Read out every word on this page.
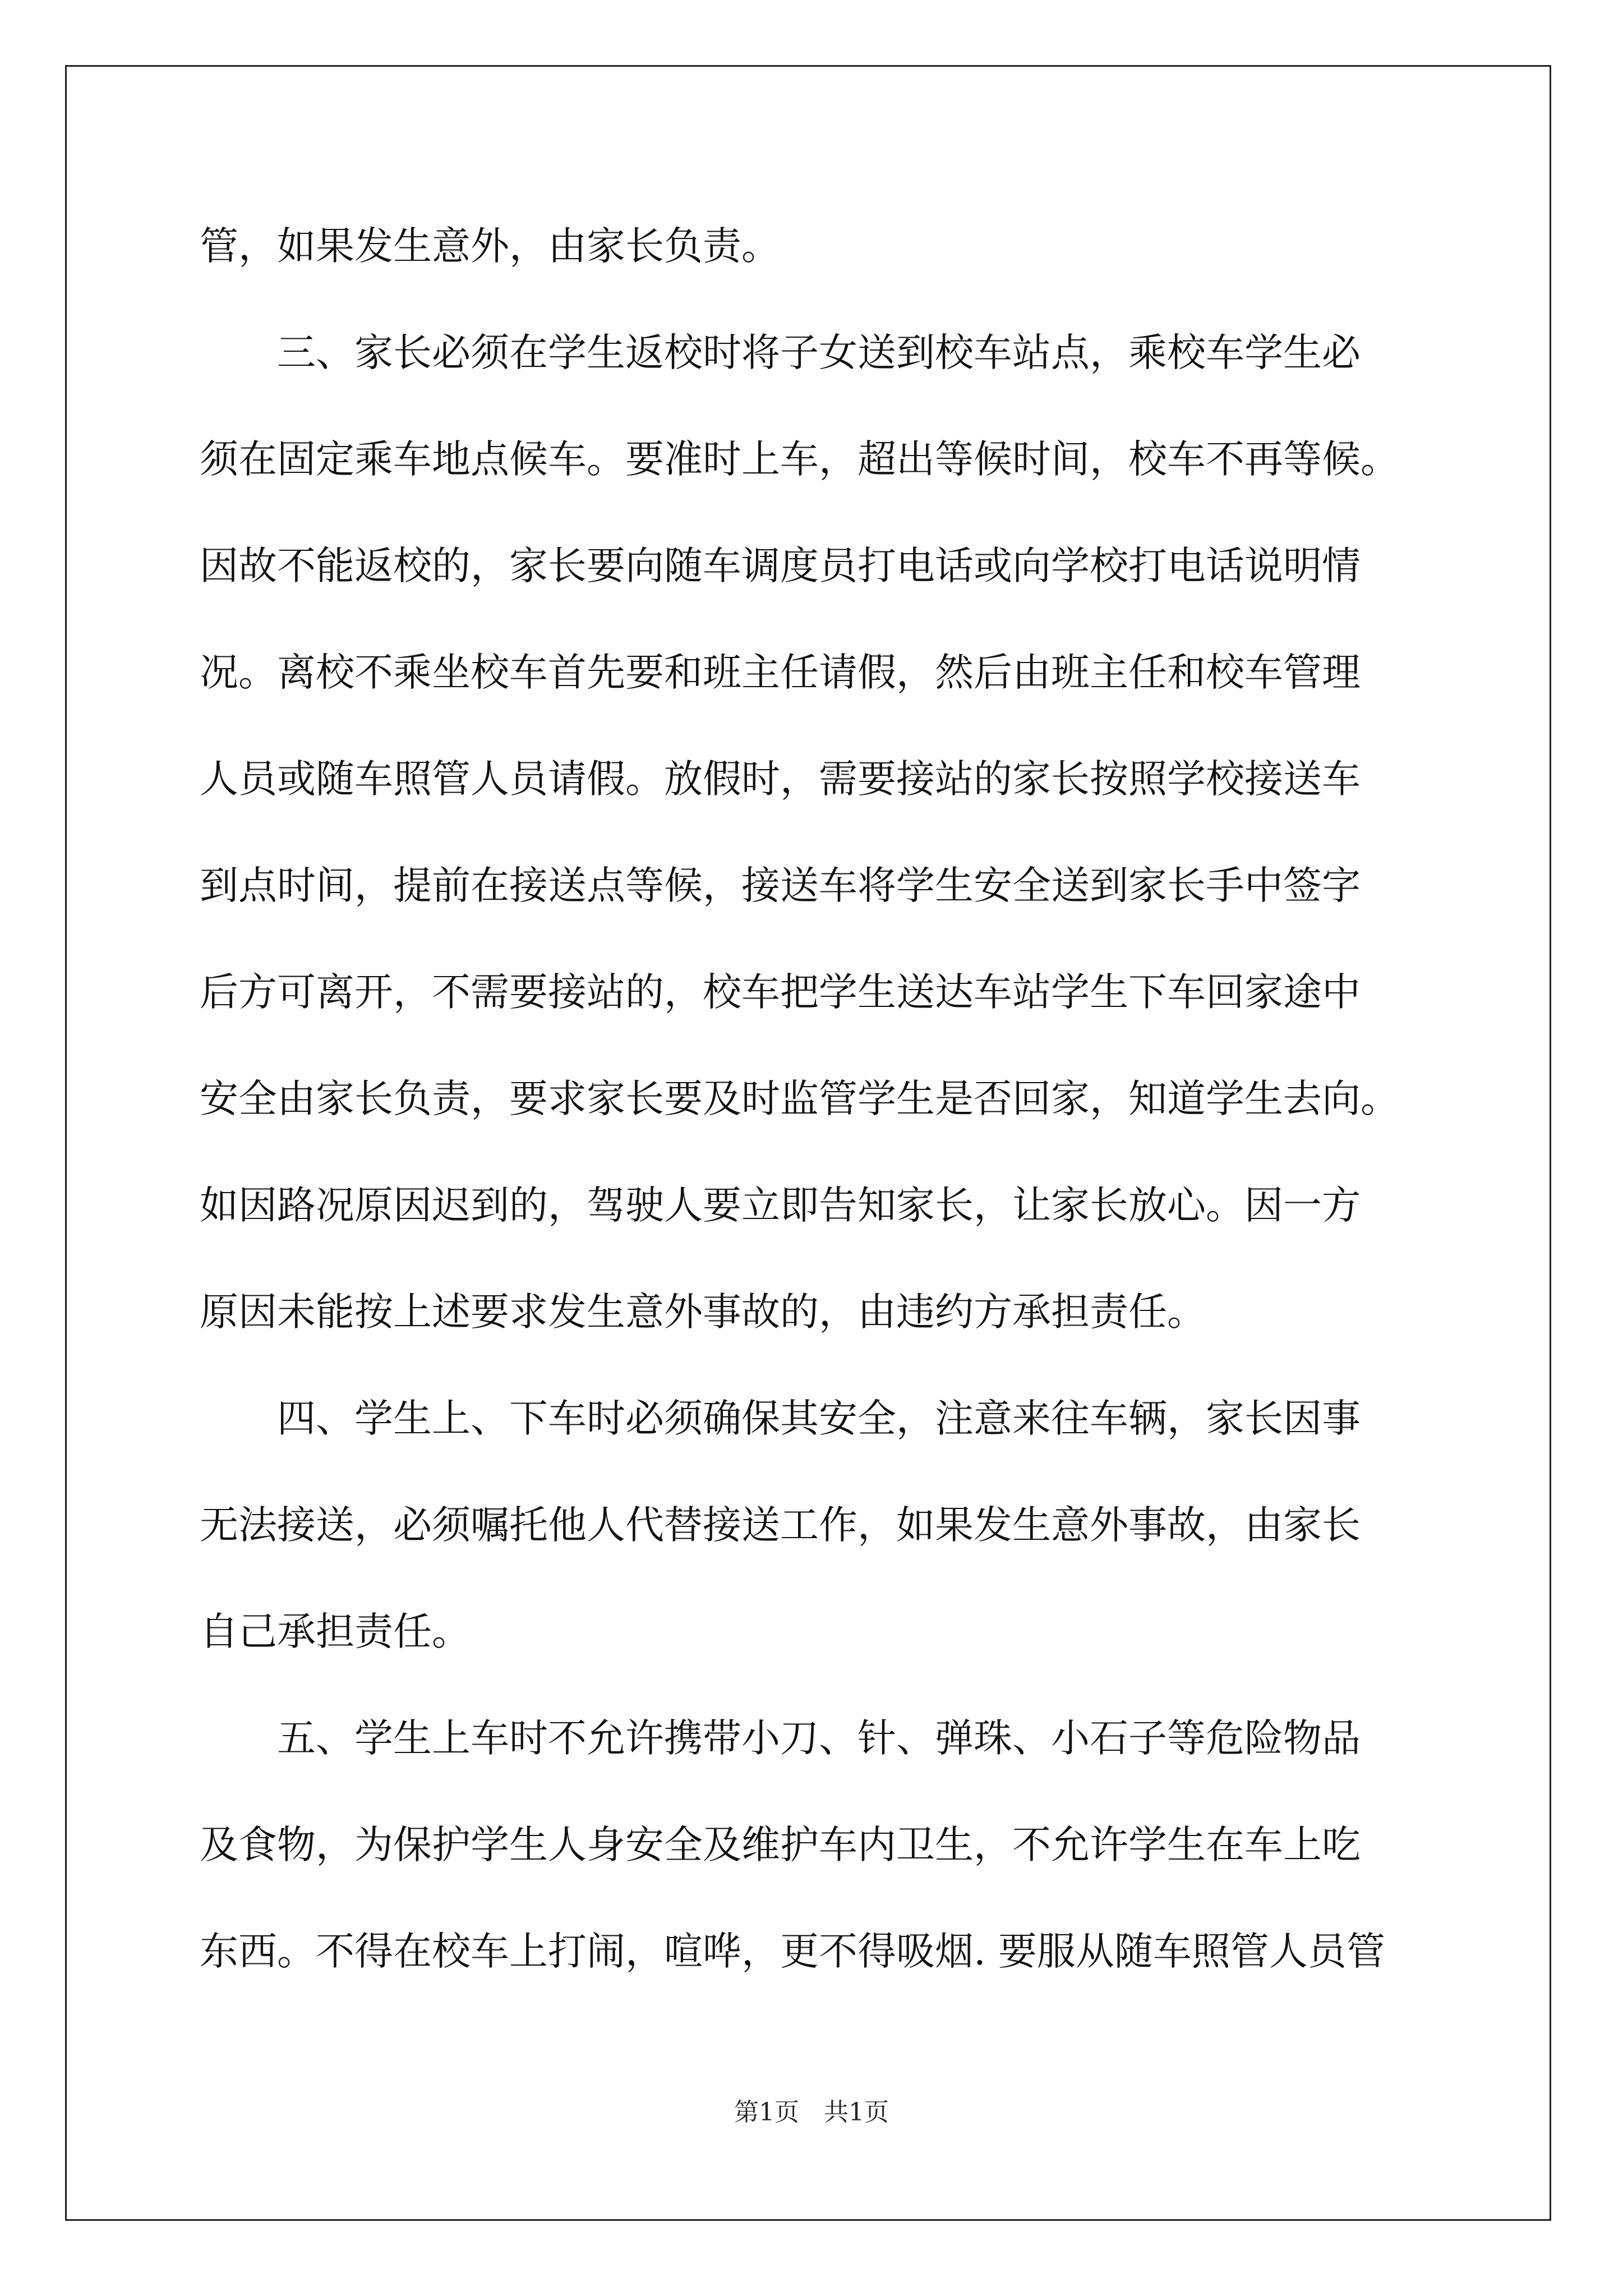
管，如果发生意外，由家长负责。
　　三、家长必须在学生返校时将子女送到校车站点，乘校车学生必
须在固定乘车地点候车。要准时上车，超出等候时间，校车不再等候。
因故不能返校的，家长要向随车调度员打电话或向学校打电话说明情
况。离校不乘坐校车首先要和班主任请假，然后由班主任和校车管理
人员或随车照管人员请假。放假时，需要接站的家长按照学校接送车
到点时间，提前在接送点等候，接送车将学生安全送到家长手中签字
后方可离开，不需要接站的，校车把学生送达车站学生下车回家途中
安全由家长负责，要求家长要及时监管学生是否回家，知道学生去向。
如因路况原因迟到的，驾驶人要立即告知家长，让家长放心。因一方
原因未能按上述要求发生意外事故的，由违约方承担责任。
　　四、学生上、下车时必须确保其安全，注意来往车辆，家长因事
无法接送，必须嘱托他人代替接送工作，如果发生意外事故，由家长
自己承担责任。
　　五、学生上车时不允许携带小刀、针、弹珠、小石子等危险物品
及食物，为保护学生人身安全及维护车内卫生，不允许学生在车上吃
东西。不得在校车上打闹，喧哗，更不得吸烟. 要服从随车照管人员管
第1页　共1页
